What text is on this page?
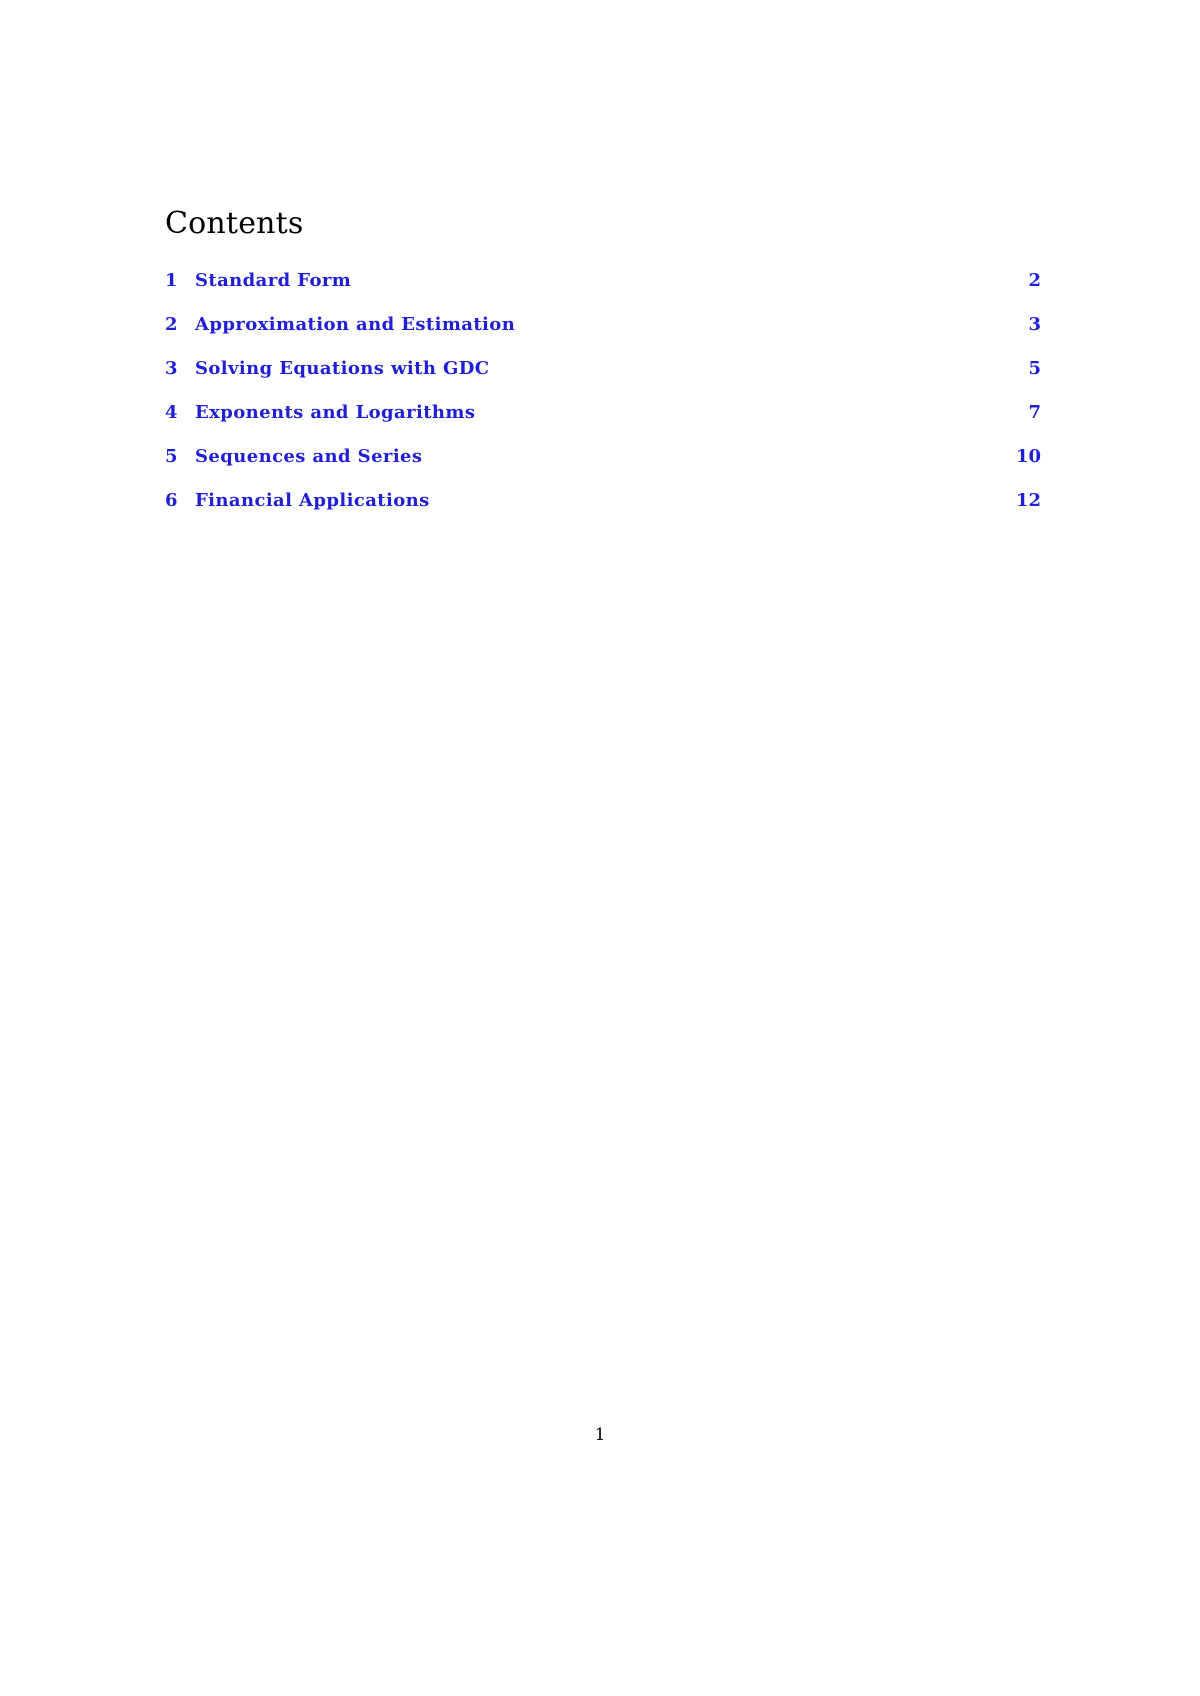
Contents
1 Standard Form	2
2 Approximation and Estimation	3
3 Solving Equations with GDC	5
4 Exponents and Logarithms	7
5 Sequences and Series	10
6 Financial Applications	12
1
